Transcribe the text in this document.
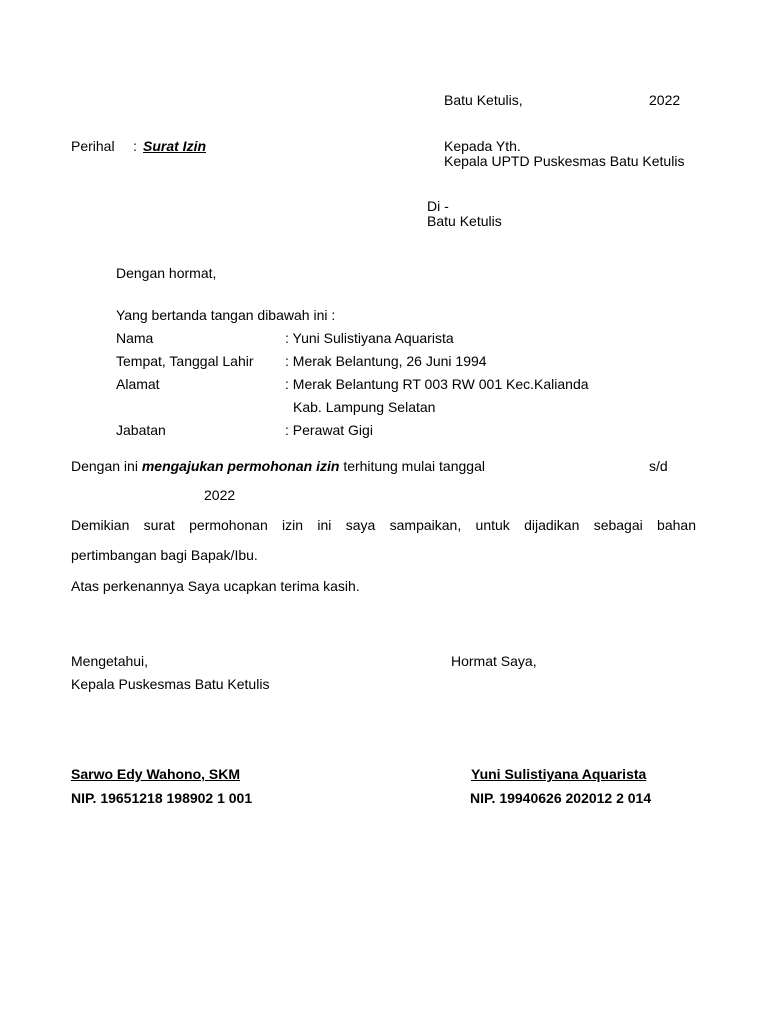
Batu Ketulis,	2022
Perihal : Surat Izin	Kepada Yth.
Kepala UPTD Puskesmas Batu Ketulis
Di -
Batu Ketulis
Dengan hormat,
Yang bertanda tangan dibawah ini :
Nama	: Yuni Sulistiyana Aquarista
Tempat, Tanggal Lahir : Merak Belantung, 26 Juni 1994
Alamat	: Merak Belantung RT 003 RW 001 Kec.Kalianda
Kab. Lampung Selatan
Jabatan	: Perawat Gigi
Dengan ini mengajukan permohonan izin terhitung mulai tanggal	s/d
2022
Demikian surat permohonan izin ini saya sampaikan, untuk dijadikan sebagai bahan
pertimbangan bagi Bapak/Ibu.
Atas perkenannya Saya ucapkan terima kasih.
Mengetahui,
Kepala Puskesmas Batu Ketulis
Hormat Saya,
Sarwo Edy Wahono, SKM
NIP. 19651218 198902 1 001
Yuni Sulistiyana Aquarista
NIP. 19940626 202012 2 014
